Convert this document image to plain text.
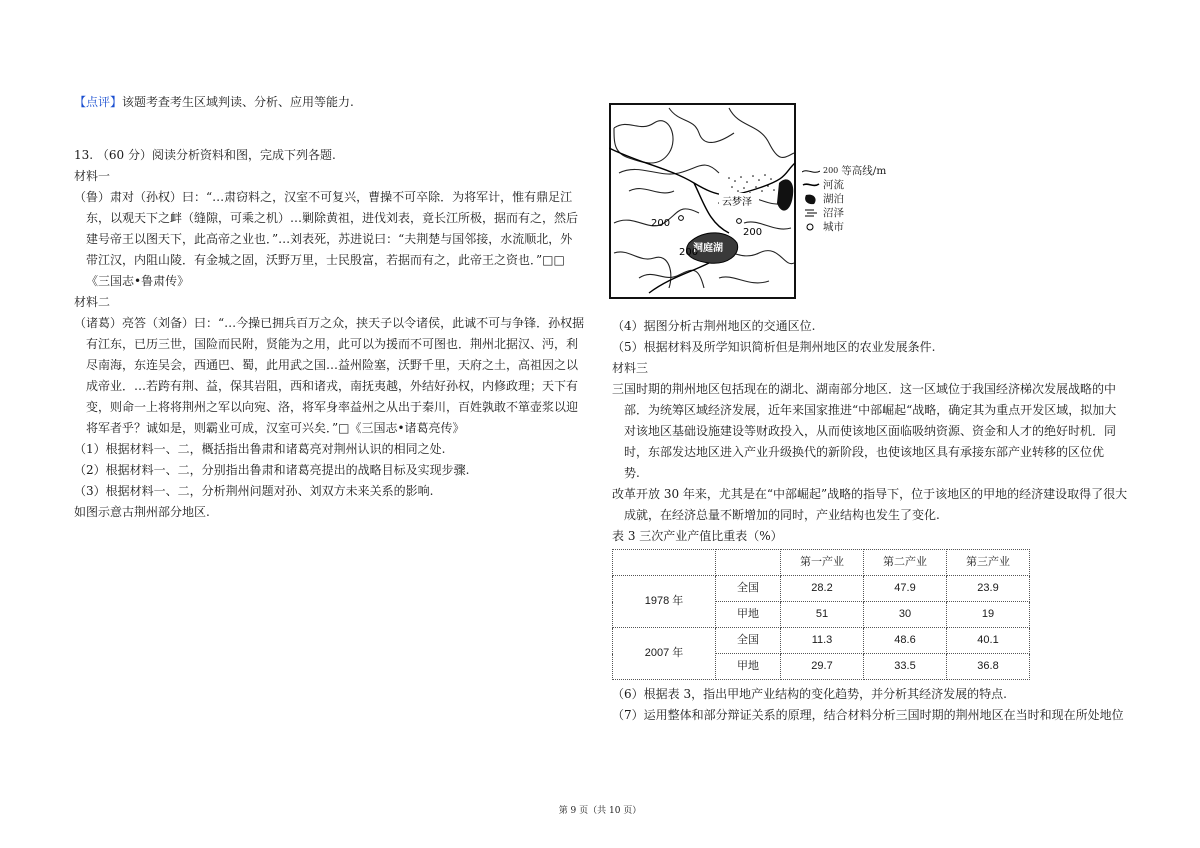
【点评】该题考查考生区域判读、分析、应用等能力.

13. （60 分）阅读分析资料和图，完成下列各题.

材料一

（鲁）肃对（孙权）曰：“…肃窃料之，汉室不可复兴，曹操不可卒除．为将军计，惟有鼎足江

东，以观天下之衅（缝隙，可乘之机）…剿除黄祖，进伐刘表，竟长江所极，据而有之，然后

建号帝王以图天下，此高帝之业也．”…刘表死，苏进说曰：“夫荆楚与国邻接，水流顺北，外

带江汉，内阻山陵．有金城之固，沃野万里，士民殷富，若据而有之，此帝王之资也．”□□

《三国志•鲁肃传》

材料二

（诸葛）亮答（刘备）曰：“…今操已拥兵百万之众，挟天子以令诸侯，此诚不可与争锋．孙权据

有江东，已历三世，国险而民附，贤能为之用，此可以为援而不可图也．荆州北据汉、沔，利

尽南海，东连吴会，西通巴、蜀，此用武之国…益州险塞，沃野千里，天府之土，高祖因之以

成帝业．…若跨有荆、益，保其岩阻，西和诸戎，南抚夷越，外结好孙权，内修政理；天下有

变，则命一上将将荆州之军以向宛、洛，将军身率益州之从出于秦川，百姓孰敢不箪壶浆以迎

将军者乎？诚如是，则霸业可成，汉室可兴矣．”□《三国志•诸葛亮传》

（1）根据材料一、二，概括指出鲁肃和诸葛亮对荆州认识的相同之处.

（2）根据材料一、二，分别指出鲁肃和诸葛亮提出的战略目标及实现步骤.

（3）根据材料一、二，分析荆州问题对孙、刘双方未来关系的影响.

如图示意古荆州部分地区.

云梦泽
洞庭湖
200
200
200
200 等高线/m
河流
湖泊
沼泽
城市

（4）据图分析古荆州地区的交通区位.

（5）根据材料及所学知识简析但是荆州地区的农业发展条件.

材料三

三国时期的荆州地区包括现在的湖北、湖南部分地区．这一区域位于我国经济梯次发展战略的中

部．为统筹区域经济发展，近年来国家推进“中部崛起“战略，确定其为重点开发区域，拟加大

对该地区基础设施建设等财政投入，从而使该地区面临吸纳资源、资金和人才的绝好时机．同

时，东部发达地区进入产业升级换代的新阶段，也使该地区具有承接东部产业转移的区位优

势.

改革开放 30 年来，尤其是在“中部崛起”战略的指导下，位于该地区的甲地的经济建设取得了很大

成就，在经济总量不断增加的同时，产业结构也发生了变化.

表 3 三次产业产值比重表（%）

		第一产业	第二产业	第三产业
1978 年	全国	28.2	47.9	23.9
	甲地	51	30	19
2007 年	全国	11.3	48.6	40.1
	甲地	29.7	33.5	36.8

（6）根据表 3，指出甲地产业结构的变化趋势，并分析其经济发展的特点.

（7）运用整体和部分辩证关系的原理，结合材料分析三国时期的荆州地区在当时和现在所处地位

第 9 页（共 10 页）
